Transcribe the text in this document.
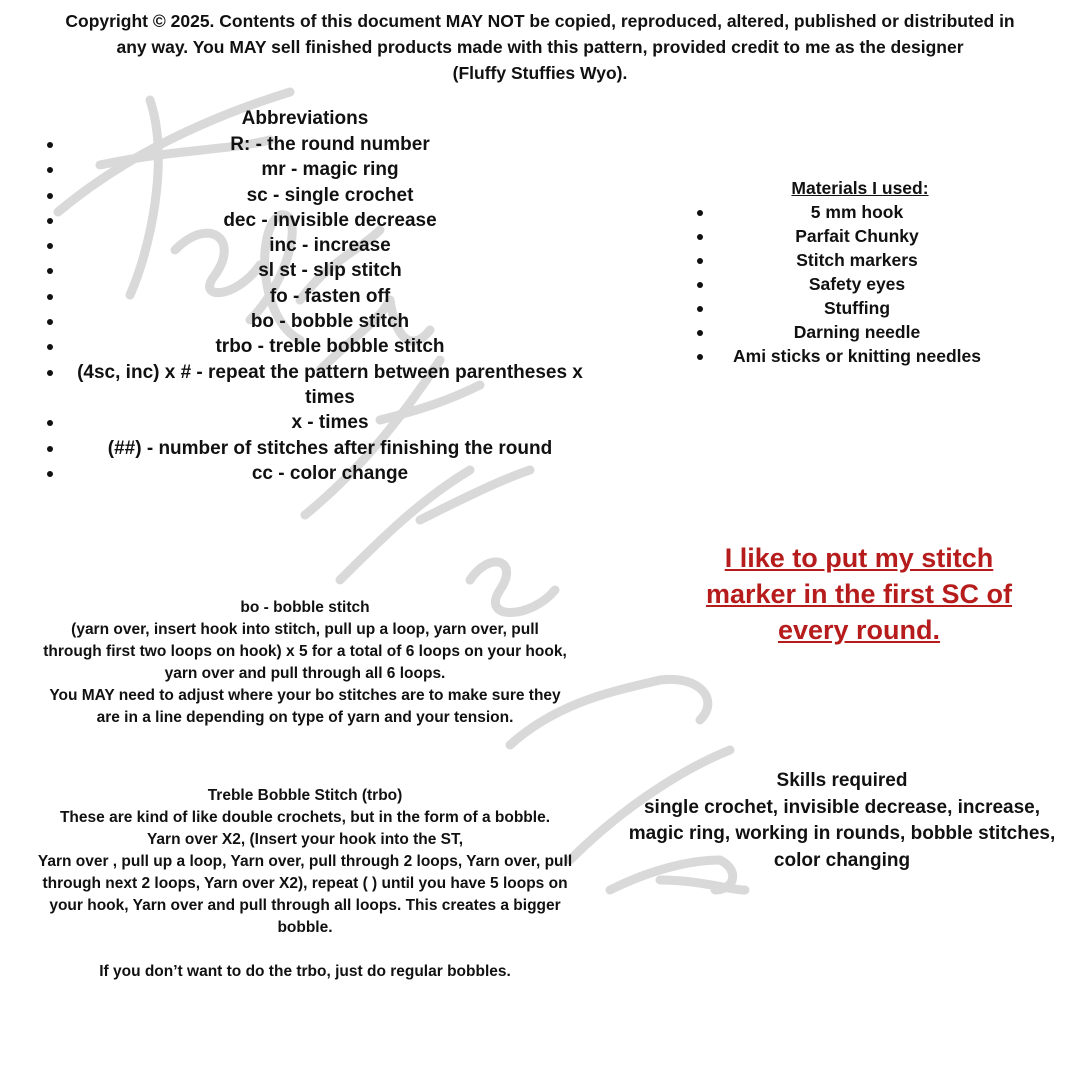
Copyright © 2025. Contents of this document MAY NOT be copied, reproduced, altered, published or distributed in
any way. You MAY sell finished products made with this pattern, provided credit to me as the designer
(Fluffy Stuffies Wyo).
Abbreviations
R: - the round number
mr - magic ring
sc - single crochet
dec - invisible decrease
inc - increase
sl st - slip stitch
fo - fasten off
bo - bobble stitch
trbo - treble bobble stitch
(4sc, inc) x # - repeat the pattern between parentheses x times
x - times
(##) - number of stitches after finishing the round
cc - color change
Materials I used:
5 mm hook
Parfait Chunky
Stitch markers
Safety eyes
Stuffing
Darning needle
Ami sticks or knitting needles
I like to put my stitch marker in the first SC of every round.
bo - bobble stitch
(yarn over, insert hook into stitch, pull up a loop, yarn over, pull through first two loops on hook) x 5 for a total of 6 loops on your hook, yarn over and pull through all 6 loops.
You MAY need to adjust where your bo stitches are to make sure they are in a line depending on type of yarn and your tension.
Skills required
single crochet, invisible decrease, increase, magic ring, working in rounds, bobble stitches, color changing
Treble Bobble Stitch (trbo)
These are kind of like double crochets, but in the form of a bobble.
Yarn over X2, (Insert your hook into the ST,
Yarn over , pull up a loop, Yarn over, pull through 2 loops, Yarn over, pull through next 2 loops, Yarn over X2), repeat ( ) until you have 5 loops on your hook, Yarn over and pull through all loops. This creates a bigger bobble.
If you don’t want to do the trbo, just do regular bobbles.
